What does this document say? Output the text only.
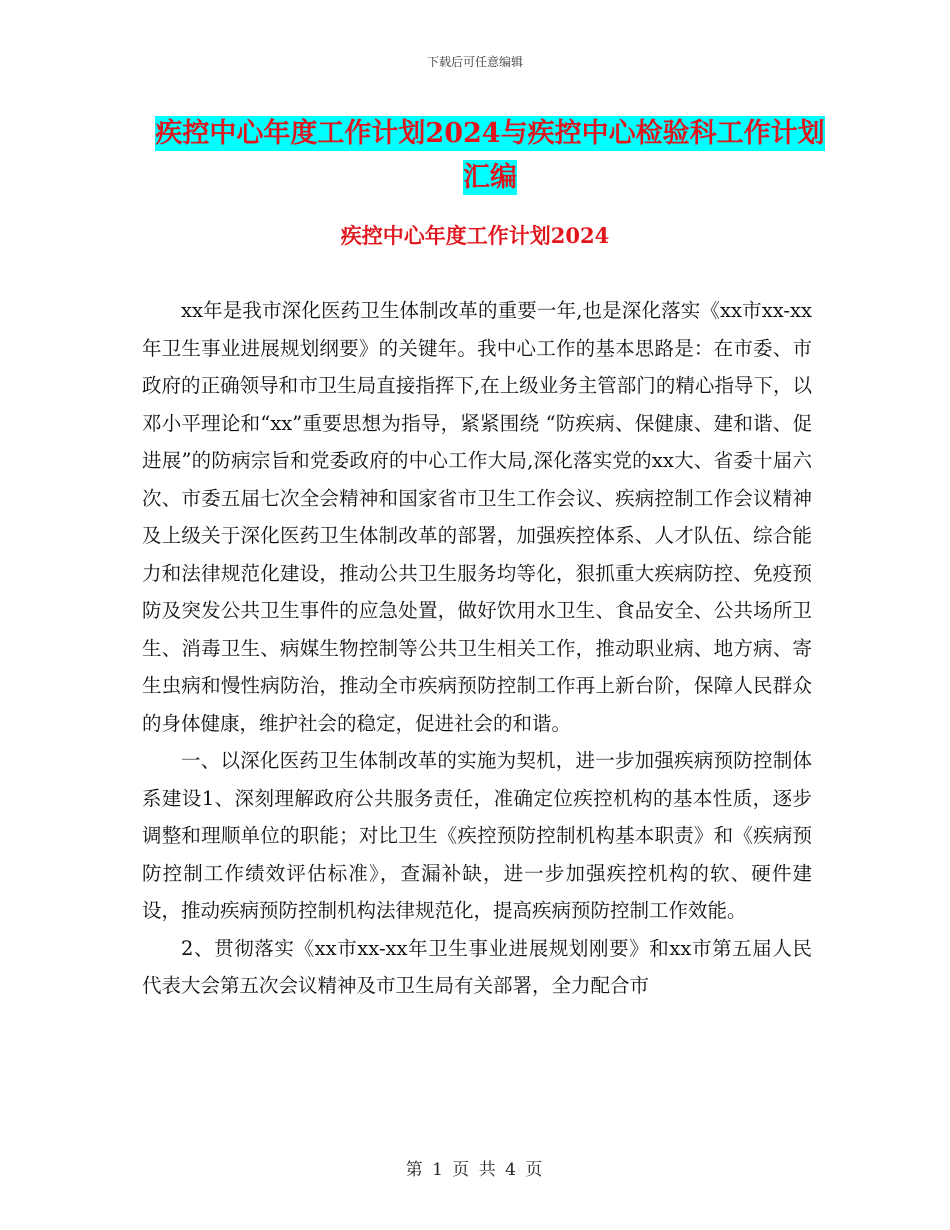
下载后可任意编辑
疾控中心年度工作计划2024与疾控中心检验科工作计划汇编
疾控中心年度工作计划2024

xx年是我市深化医药卫生体制改革的重要一年,也是深化落实《xx市xx-xx年卫生事业进展规划纲要》的关键年。我中心工作的基本思路是：在市委、市政府的正确领导和市卫生局直接指挥下,在上级业务主管部门的精心指导下，以邓小平理论和“xx”重要思想为指导，紧紧围绕 “防疾病、保健康、建和谐、促进展”的防病宗旨和党委政府的中心工作大局,深化落实党的xx大、省委十届六次、市委五届七次全会精神和国家省市卫生工作会议、疾病控制工作会议精神及上级关于深化医药卫生体制改革的部署，加强疾控体系、人才队伍、综合能力和法律规范化建设，推动公共卫生服务均等化，狠抓重大疾病防控、免疫预防及突发公共卫生事件的应急处置，做好饮用水卫生、食品安全、公共场所卫生、消毒卫生、病媒生物控制等公共卫生相关工作，推动职业病、地方病、寄生虫病和慢性病防治，推动全市疾病预防控制工作再上新台阶，保障人民群众的身体健康，维护社会的稳定，促进社会的和谐。

一、以深化医药卫生体制改革的实施为契机，进一步加强疾病预防控制体系建设1、深刻理解政府公共服务责任，准确定位疾控机构的基本性质，逐步调整和理顺单位的职能；对比卫生《疾控预防控制机构基本职责》和《疾病预防控制工作绩效评估标准》，查漏补缺，进一步加强疾控机构的软、硬件建设，推动疾病预防控制机构法律规范化，提高疾病预防控制工作效能。

2、贯彻落实《xx市xx-xx年卫生事业进展规划刚要》和xx市第五届人民代表大会第五次会议精神及市卫生局有关部署，全力配合市

第 1 页 共 4 页
